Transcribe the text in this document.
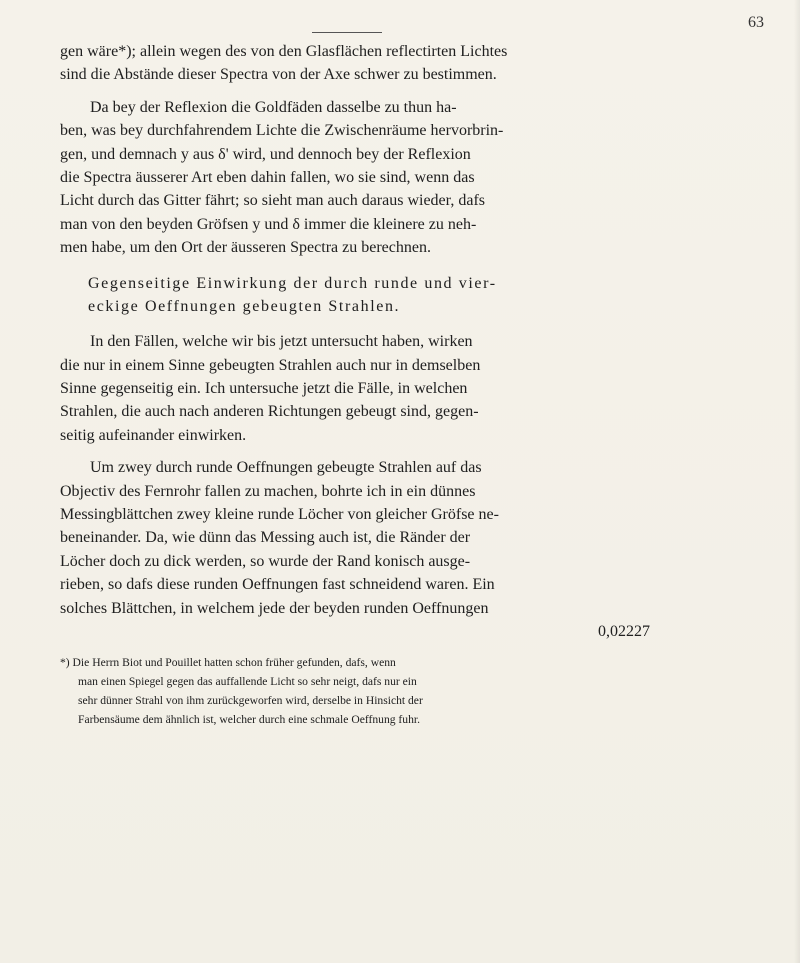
63
gen wäre*); allein wegen des von den Glasflächen reflectirten Lichtes
sind die Abstände dieser Spectra von der Axe schwer zu bestimmen.
Da bey der Reflexion die Goldfäden dasselbe zu thun ha-
ben, was bey durchfahrendem Lichte die Zwischenräume hervorbrin-
gen, und demnach y aus δ' wird, und dennoch bey der Reflexion
die Spectra äusserer Art eben dahin fallen, wo sie sind, wenn das
Licht durch das Gitter fährt; so sieht man auch daraus wieder, dafs
man von den beyden Gröfsen y und δ immer die kleinere zu neh-
men habe, um den Ort der äusseren Spectra zu berechnen.
Gegenseitige Einwirkung der durch runde und vier-
eckige Oeffnungen gebeugten Strahlen.
In den Fällen, welche wir bis jetzt untersucht haben, wirken
die nur in einem Sinne gebeugten Strahlen auch nur in demselben
Sinne gegenseitig ein. Ich untersuche jetzt die Fälle, in welchen
Strahlen, die auch nach anderen Richtungen gebeugt sind, gegen-
seitig aufeinander einwirken.
Um zwey durch runde Oeffnungen gebeugte Strahlen auf das
Objectiv des Fernrohr fallen zu machen, bohrte ich in ein dünnes
Messingblättchen zwey kleine runde Löcher von gleicher Gröfse ne-
beneinander. Da, wie dünn das Messing auch ist, die Ränder der
Löcher doch zu dick werden, so wurde der Rand konisch ausge-
rieben, so dafs diese runden Oeffnungen fast schneidend waren. Ein
solches Blättchen, in welchem jede der beyden runden Oeffnungen
0,02227
*) Die Herrn Biot und Pouillet hatten schon früher gefunden, dafs, wenn
man einen Spiegel gegen das auffallende Licht so sehr neigt, dafs nur ein
sehr dünner Strahl von ihm zurückgeworfen wird, derselbe in Hinsicht der
Farbensäume dem ähnlich ist, welcher durch eine schmale Oeffnung fuhr.
